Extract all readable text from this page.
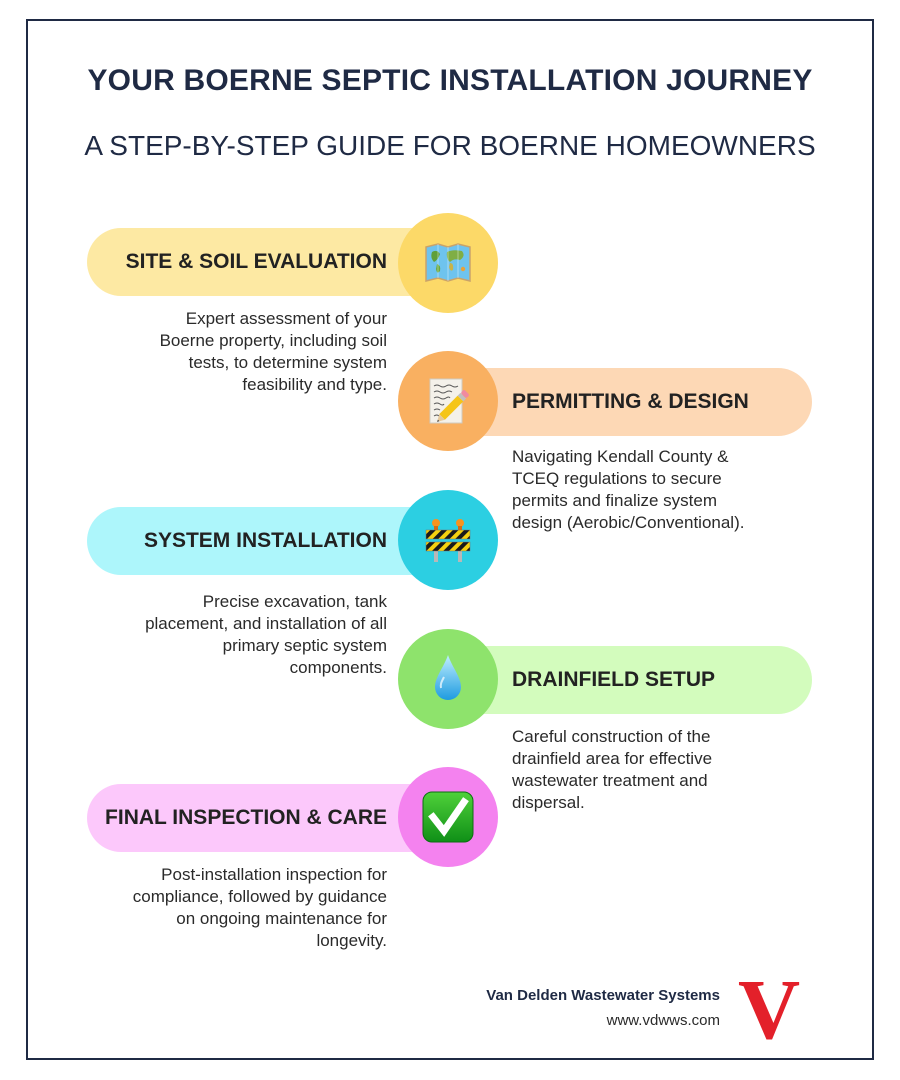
YOUR BOERNE SEPTIC INSTALLATION JOURNEY
A STEP-BY-STEP GUIDE FOR BOERNE HOMEOWNERS
SITE & SOIL EVALUATION
Expert assessment of your
Boerne property, including soil
tests, to determine system
feasibility and type.
PERMITTING & DESIGN
Navigating Kendall County &
TCEQ regulations to secure
permits and finalize system
design (Aerobic/Conventional).
SYSTEM INSTALLATION
Precise excavation, tank
placement, and installation of all
primary septic system
components.
DRAINFIELD SETUP
Careful construction of the
drainfield area for effective
wastewater treatment and
dispersal.
FINAL INSPECTION & CARE
Post-installation inspection for
compliance, followed by guidance
on ongoing maintenance for
longevity.
Van Delden Wastewater Systems
www.vdwws.com V
